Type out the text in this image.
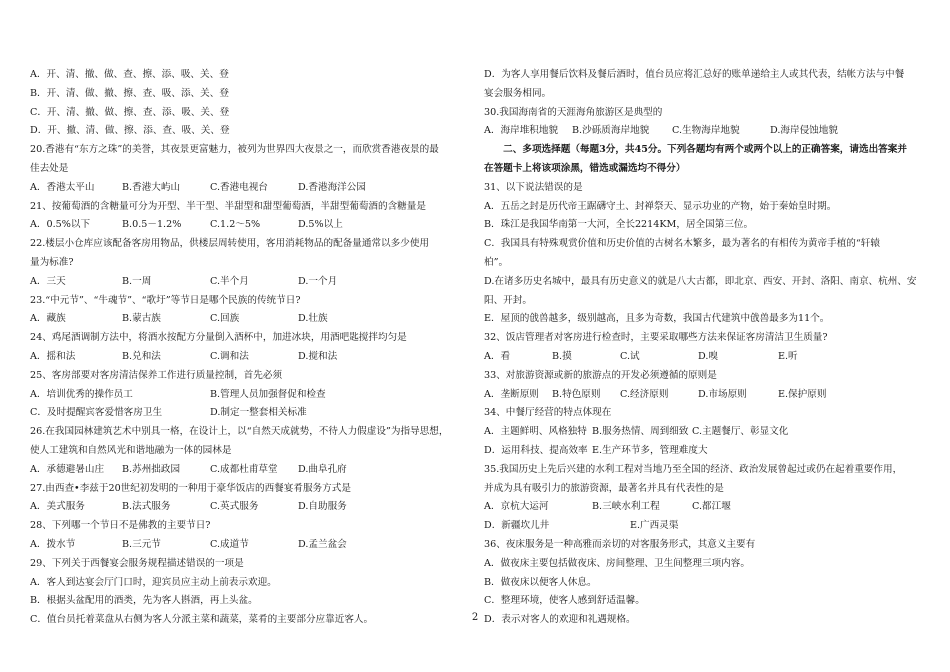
A．开、清、撤、做、查、擦、添、吸、关、登
B．开、清、做、撤、擦、查、吸、添、关、登
C．开、清、撤、做、擦、查、添、吸、关、登
D．开、撤、清、做、擦、添、查、吸、关、登
20.香港有“东方之珠”的美誉，其夜景更富魅力，被列为世界四大夜景之一，而欣赏香港夜景的最
佳去处是
A．香港太平山	B.香港大屿山	C.香港电视台	D.香港海洋公园
21、按葡萄酒的含糖量可分为开型、半干型、半甜型和甜型葡萄酒，半甜型葡萄酒的含糖量是
A．0.5%以下	B.0.5－1.2%	C.1.2～5%	D.5%以上
22.楼层小仓库应该配备客房用物品，供楼层周转使用，客用消耗物品的配备量通常以多少使用
量为标准?
A．三天	B.一周	C.半个月	D.一个月
23.“中元节”、“牛魂节”、“歌圩”等节日是哪个民族的传统节日?
A．藏族	B.蒙古族	C.回族	D.壮族
24、鸡尾酒调制方法中，将酒水按配方分量倒入酒杯中，加进冰块，用酒吧匙搅拌均匀是
A．摇和法	B.兑和法	C.调和法	D.搅和法
25、客房部要对客房清洁保养工作进行质量控制，首先必须
A．培训优秀的操作员工	B.管理人员加强督促和检查
C．及时提醒宾客爱惜客房卫生	D.制定一整套相关标准
26.在我国园林建筑艺术中别具一格，在设计上，以“自然天成就势，不待人力假虚设”为指导思想，
使人工建筑和自然风光和谐地融为一体的园林是
A．承德避暑山庄	B.苏州拙政园	C.成都杜甫草堂	D.曲阜孔府
27.由西查•李兹于20世纪初发明的一种用于豪华饭店的西餐宴肴服务方式是
A．美式服务	B.法式服务	C.英式服务	D.自助服务
28、下列哪一个节日不是佛教的主要节日?
A．拨水节	B.三元节	C.成道节	D.孟兰盆会
29、下列关于西餐宴会服务规程描述错误的一项是
A．客人到达宴会厅门口时，迎宾员应主动上前表示欢迎。
B．根据头盆配用的酒类，先为客人斟酒，再上头盆。
C．值台员托着菜盘从右侧为客人分派主菜和蔬菜，菜肴的主要部分应靠近客人。
D．为客人享用餐后饮料及餐后酒时，值台员应将汇总好的账单递给主人或其代表，结帐方法与中餐
宴会服务相同。
30.我国海南省的天涯海角旅游区是典型的
A．海岸堆积地貌	B.沙砾质海岸地貌	C.生物海岸地貌	D.海岸侵蚀地貌
　　二、多项选择题（每题3分，共45分。下列各题均有两个或两个以上的正确答案，请选出答案并
在答题卡上将该项涂黑，错选或漏选均不得分）
31、以下说法错误的是
A．五岳之封是历代帝王踞礴守土、封禅祭天、显示功业的产物，始于秦始皇时期。
B．珠江是我国华南第一大河，全长2214KM，居全国第三位。
C．我国具有特殊观赏价值和历史价值的古树名木繁多，最为著名的有相传为黄帝手植的“轩辕
柏”。
D.在诸多历史名城中，最具有历史意义的就是八大古都，即北京、西安、开封、洛阳、南京、杭州、安
阳、开封。
E．屋顶的戗兽越多，级别越高，且多为奇数，我国古代建筑中戗兽最多为11个。
32、饭店管理者对客房进行检查时，主要采取哪些方法来保证客房清洁卫生质量?
A．看	B.摸	C.试	D.嗅	E.听
33、对旅游资源或新的旅游点的开发必须遵循的原则是
A．垄断原则	B.特色原则	C.经济原则	D.市场原则	E.保护原则
34、中餐厅经营的特点体现在
A．主题鲜明、风格独特 B.服务热情、周到细致 C.主题餐厅、彰显文化
D．运用科技、提高效率 E.生产环节多，管理难度大
35.我国历史上先后兴建的水利工程对当地乃至全国的经济、政治发展曾起过或仍在起着重要作用，
并成为具有吸引力的旅游资源，最著名并具有代表性的是
A．京杭大运河	B.三峡水利工程	C.都江堰
D．新疆坎儿井	E.广西灵渠
36、夜床服务是一种高雅而亲切的对客服务形式，其意义主要有
A．做夜床主要包括做夜床、房间整理、卫生间整理三项内容。
B．做夜床以便客人休息。
C．整理环境，使客人感到舒适温馨。
D．表示对客人的欢迎和礼遇规格。
2
